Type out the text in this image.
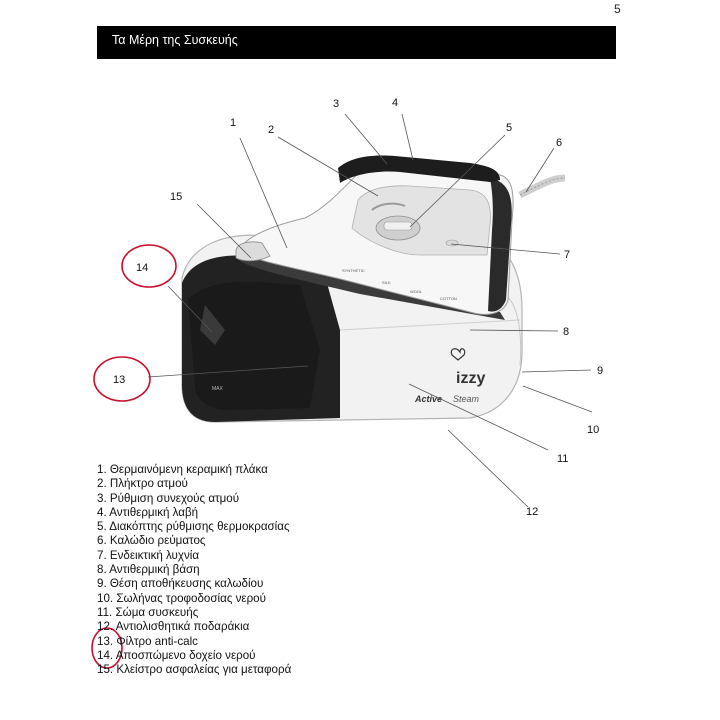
5
Τα Μέρη της Συσκευής
MAX
SYNTHETIC
SILK
WOOL
COTTON
izzy
Active Steam
1
2
3	4
5
6
7
8
9
10
11
12
13
14
15
1. Θερμαινόμενη κεραμική πλάκα
2. Πλήκτρο ατμού
3. Ρύθμιση συνεχούς ατμού
4. Αντιθερμική λαβή
5. Διακόπτης ρύθμισης θερμοκρασίας
6. Καλώδιο ρεύματος
7. Ενδεικτική λυχνία
8. Αντιθερμική βάση
9. Θέση αποθήκευσης καλωδίου
10. Σωλήνας τροφοδοσίας νερού
11. Σώμα συσκευής
12. Αντιολισθητικά ποδαράκια
13. Φίλτρο anti-calc
14. Αποσπώμενο δοχείο νερού
15. Κλείστρο ασφαλείας για μεταφορά
